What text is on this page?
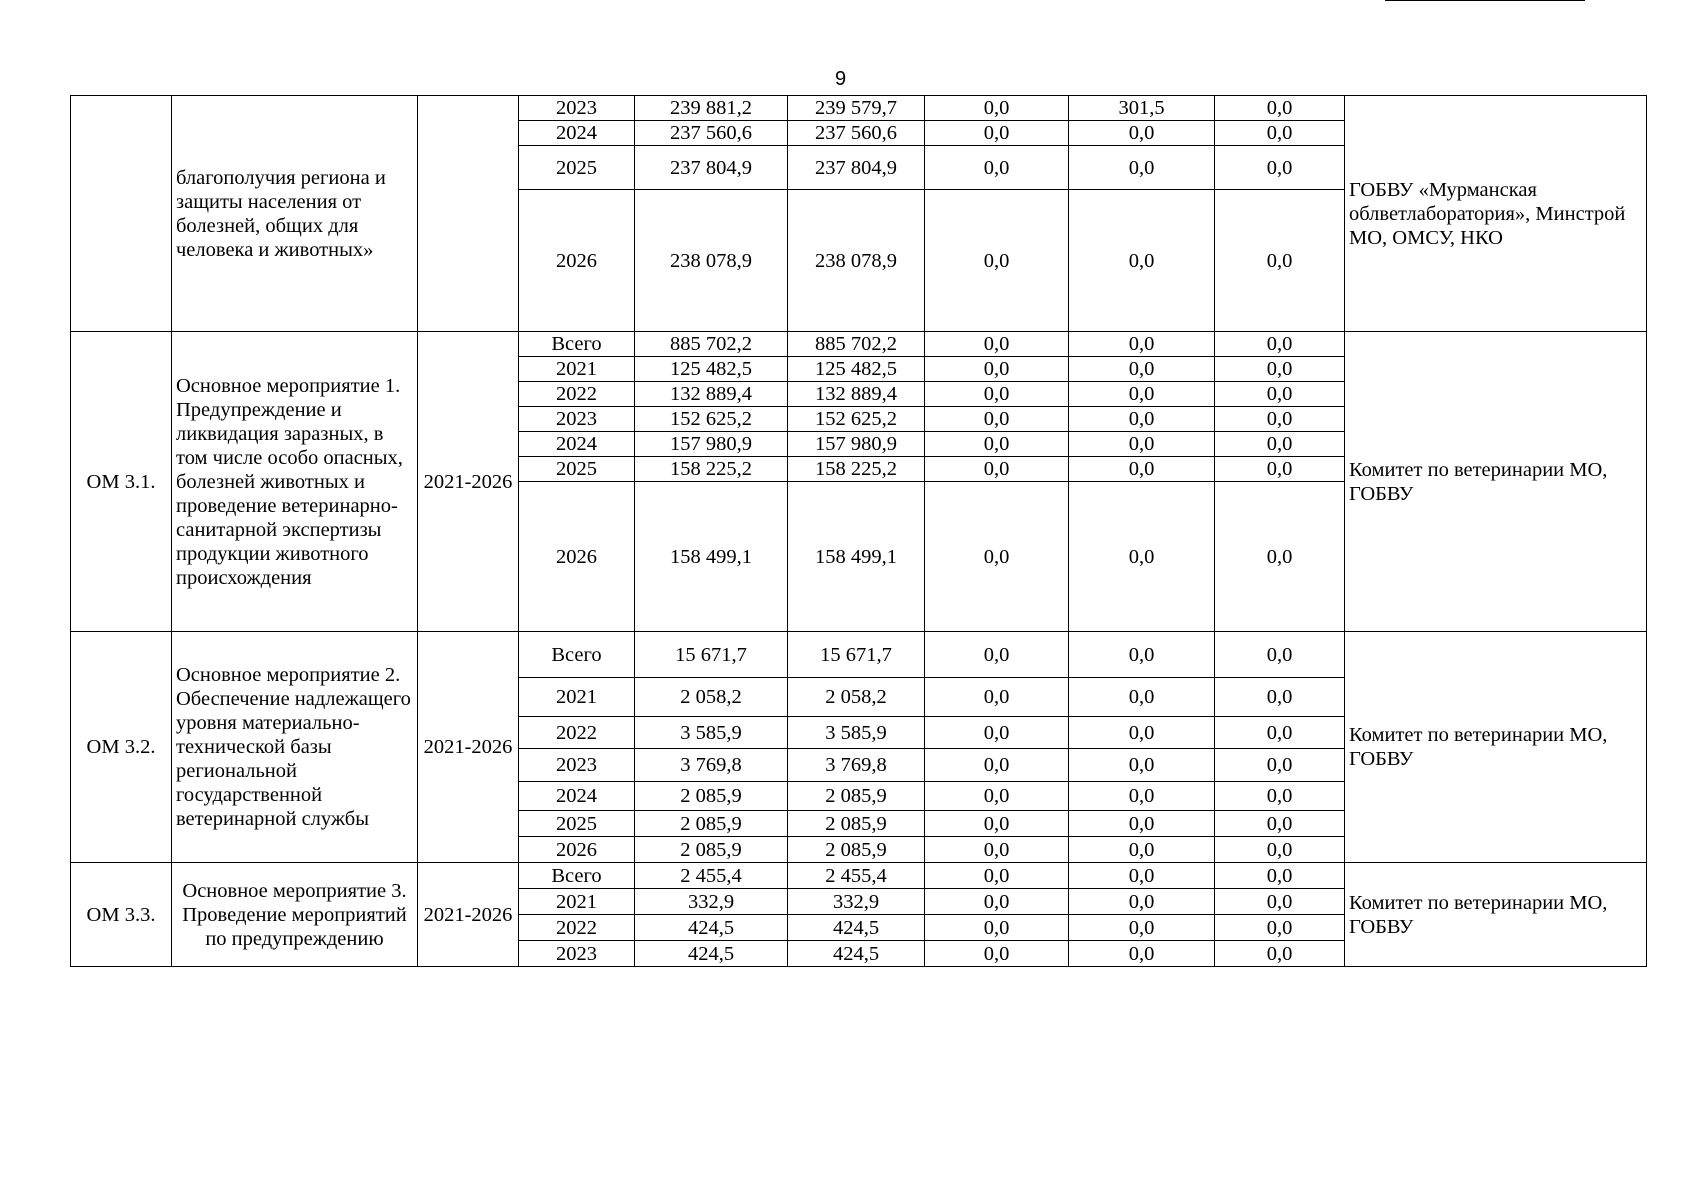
9
	благополучия региона и защиты населения от болезней, общих для человека и животных»		2023	239 881,2	239 579,7	0,0	301,5	0,0	ГОБВУ «Мурманская облветлаборатория», Минстрой МО, ОМСУ, НКО
			2024	237 560,6	237 560,6	0,0	0,0	0,0	
			2025	237 804,9	237 804,9	0,0	0,0	0,0	
			2026	238 078,9	238 078,9	0,0	0,0	0,0	
ОМ 3.1.	Основное мероприятие 1. Предупреждение и ликвидация заразных, в том числе особо опасных, болезней животных и проведение ветеринарно-санитарной экспертизы продукции животного происхождения	2021-2026	Всего	885 702,2	885 702,2	0,0	0,0	0,0	Комитет по ветеринарии МО, ГОБВУ
			2021	125 482,5	125 482,5	0,0	0,0	0,0	
			2022	132 889,4	132 889,4	0,0	0,0	0,0	
			2023	152 625,2	152 625,2	0,0	0,0	0,0	
			2024	157 980,9	157 980,9	0,0	0,0	0,0	
			2025	158 225,2	158 225,2	0,0	0,0	0,0	
			2026	158 499,1	158 499,1	0,0	0,0	0,0	
ОМ 3.2.	Основное мероприятие 2. Обеспечение надлежащего уровня материально-технической базы региональной государственной ветеринарной службы	2021-2026	Всего	15 671,7	15 671,7	0,0	0,0	0,0	Комитет по ветеринарии МО, ГОБВУ
			2021	2 058,2	2 058,2	0,0	0,0	0,0	
			2022	3 585,9	3 585,9	0,0	0,0	0,0	
			2023	3 769,8	3 769,8	0,0	0,0	0,0	
			2024	2 085,9	2 085,9	0,0	0,0	0,0	
			2025	2 085,9	2 085,9	0,0	0,0	0,0	
			2026	2 085,9	2 085,9	0,0	0,0	0,0	
ОМ 3.3.	Основное мероприятие 3. Проведение мероприятий по предупреждению	2021-2026	Всего	2 455,4	2 455,4	0,0	0,0	0,0	Комитет по ветеринарии МО, ГОБВУ
			2021	332,9	332,9	0,0	0,0	0,0	
			2022	424,5	424,5	0,0	0,0	0,0	
			2023	424,5	424,5	0,0	0,0	0,0	
